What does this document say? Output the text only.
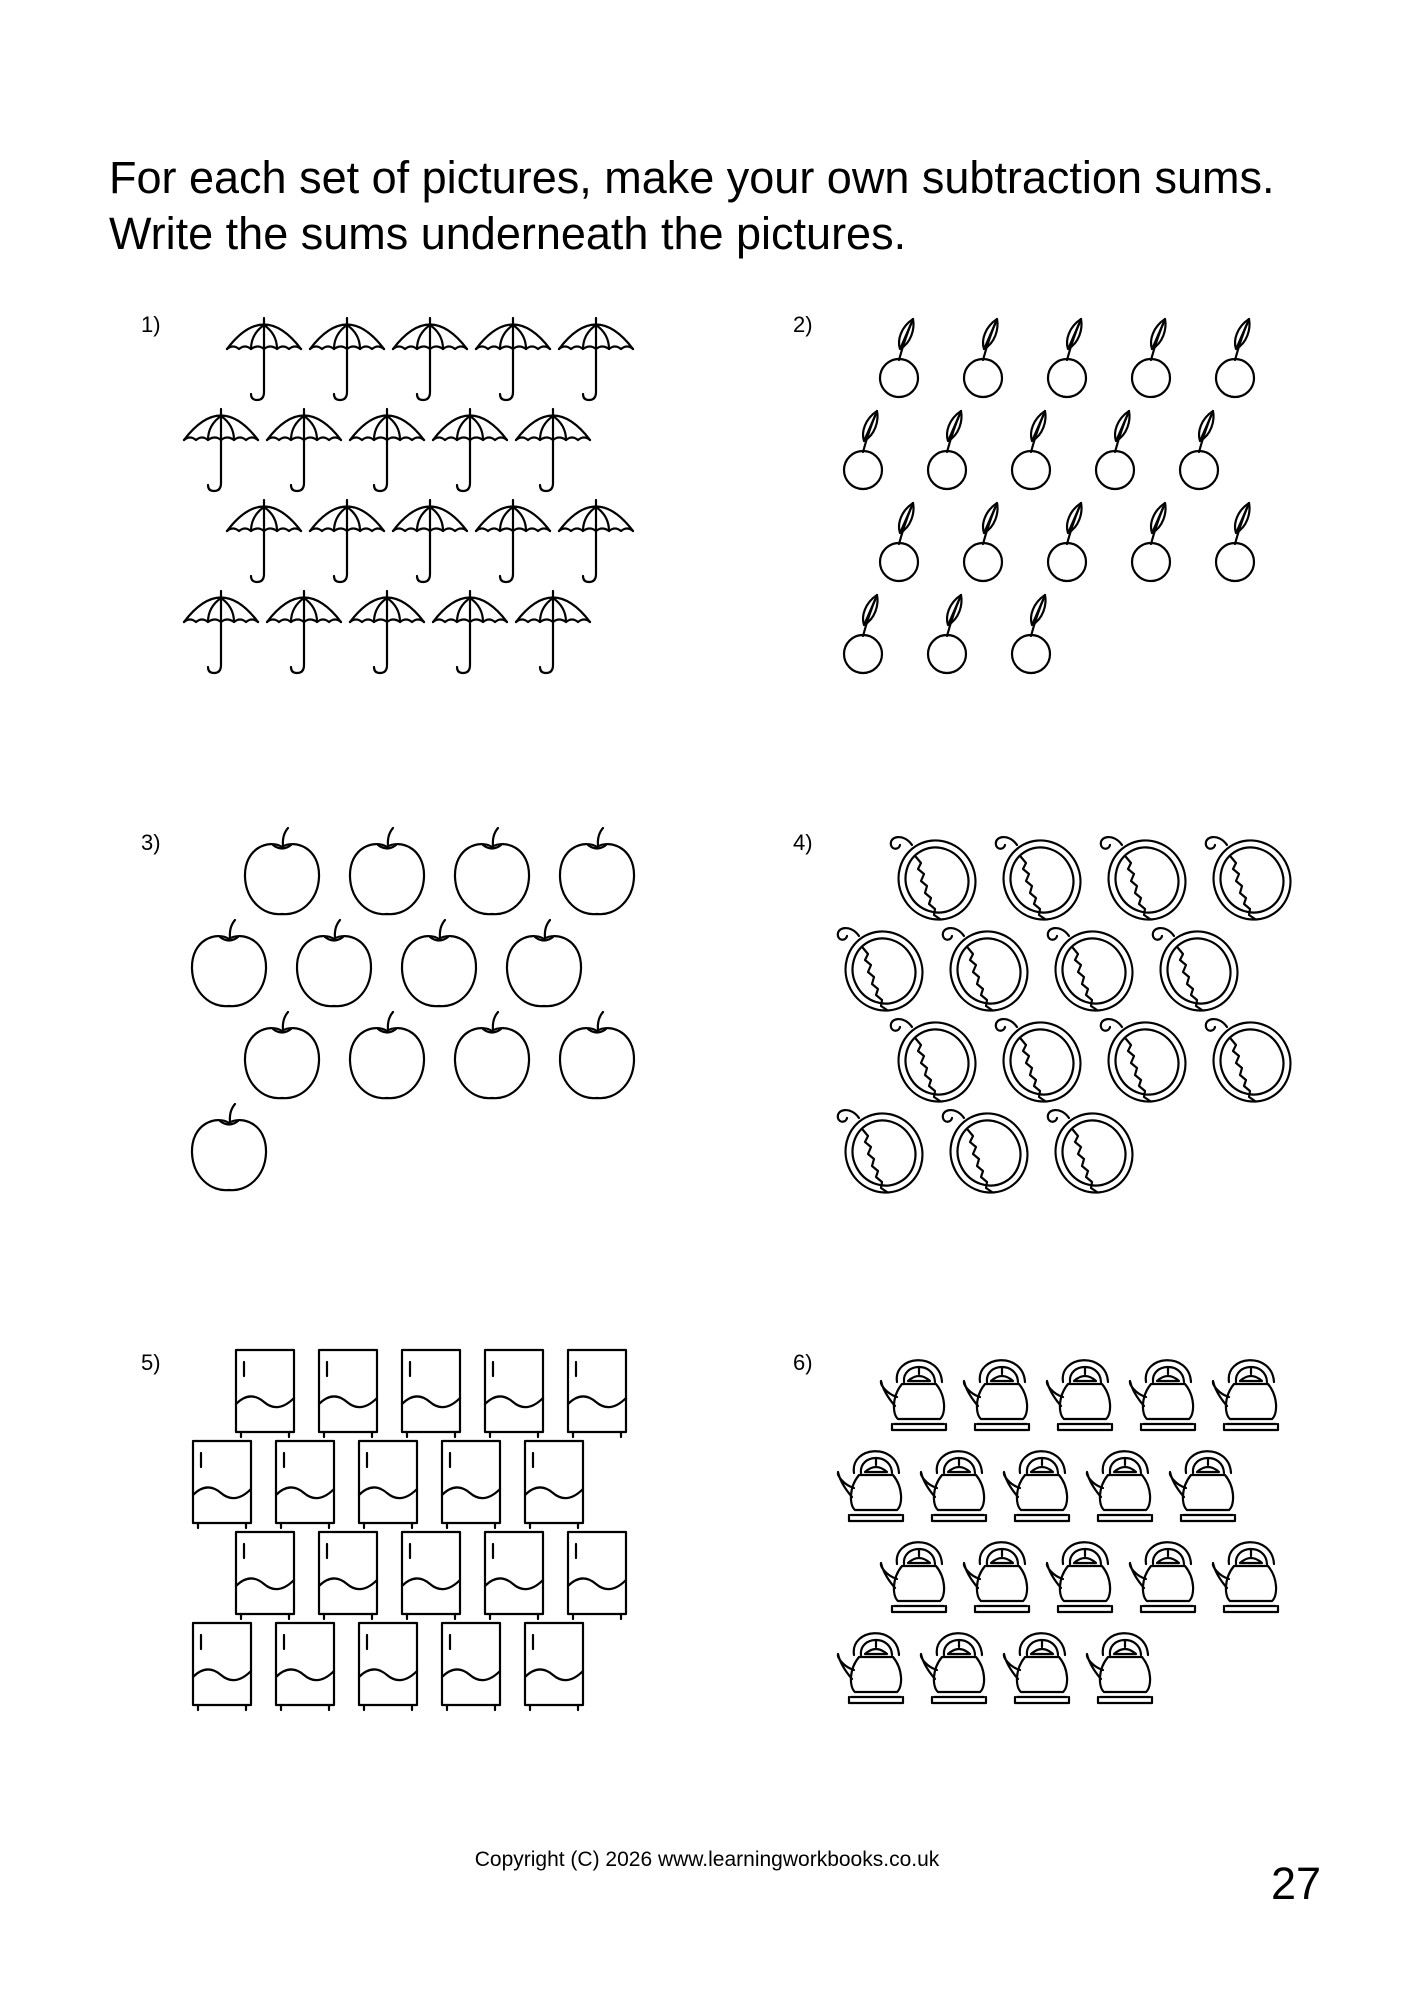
For each set of pictures, make your own subtraction sums.

Write the sums underneath the pictures.

1)	2)
3)	4)
5)	6)
Copyright (C) 2026 www.learningworkbooks.co.uk	27
